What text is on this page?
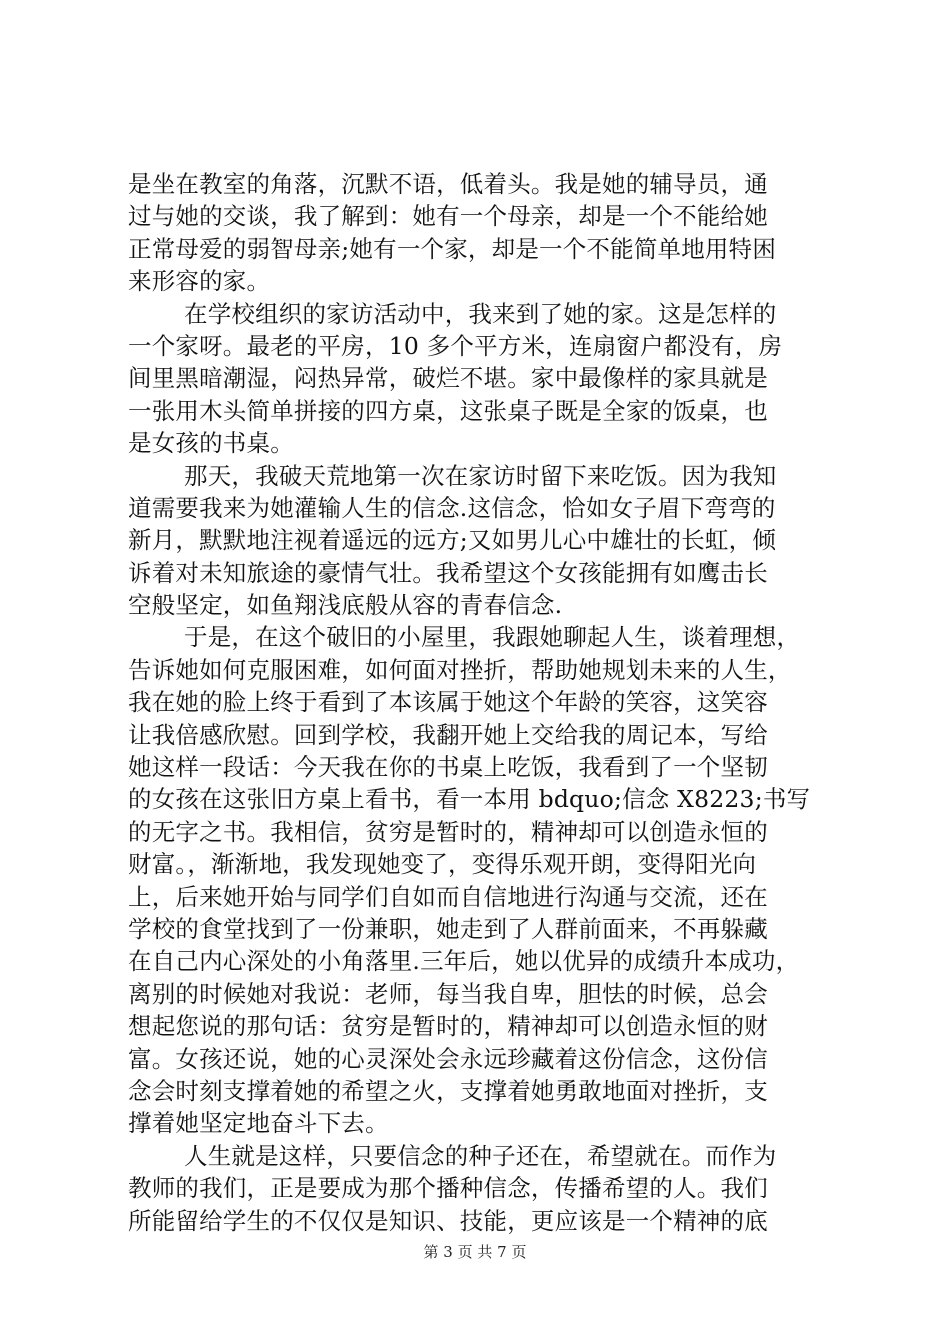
是坐在教室的角落，沉默不语，低着头。我是她的辅导员，通
过与她的交谈，我了解到：她有一个母亲，却是一个不能给她
正常母爱的弱智母亲;她有一个家，却是一个不能简单地用特困
来形容的家。
在学校组织的家访活动中，我来到了她的家。这是怎样的
一个家呀。最老的平房，10 多个平方米，连扇窗户都没有，房
间里黑暗潮湿，闷热异常，破烂不堪。家中最像样的家具就是
一张用木头简单拼接的四方桌，这张桌子既是全家的饭桌，也
是女孩的书桌。
那天，我破天荒地第一次在家访时留下来吃饭。因为我知
道需要我来为她灌输人生的信念.这信念，恰如女子眉下弯弯的
新月，默默地注视着遥远的远方;又如男儿心中雄壮的长虹，倾
诉着对未知旅途的豪情气壮。我希望这个女孩能拥有如鹰击长
空般坚定，如鱼翔浅底般从容的青春信念.
于是，在这个破旧的小屋里，我跟她聊起人生，谈着理想，
告诉她如何克服困难，如何面对挫折，帮助她规划未来的人生，
我在她的脸上终于看到了本该属于她这个年龄的笑容，这笑容
让我倍感欣慰。回到学校，我翻开她上交给我的周记本，写给
她这样一段话：今天我在你的书桌上吃饭，我看到了一个坚韧
的女孩在这张旧方桌上看书，看一本用 bdquo;信念 X8223;书写
的无字之书。我相信，贫穷是暂时的，精神却可以创造永恒的
财富。，渐渐地，我发现她变了，变得乐观开朗，变得阳光向
上，后来她开始与同学们自如而自信地进行沟通与交流，还在
学校的食堂找到了一份兼职，她走到了人群前面来，不再躲藏
在自己内心深处的小角落里.三年后，她以优异的成绩升本成功，
离别的时候她对我说：老师，每当我自卑，胆怯的时候，总会
想起您说的那句话：贫穷是暂时的，精神却可以创造永恒的财
富。女孩还说，她的心灵深处会永远珍藏着这份信念，这份信
念会时刻支撑着她的希望之火，支撑着她勇敢地面对挫折，支
撑着她坚定地奋斗下去。
人生就是这样，只要信念的种子还在，希望就在。而作为
教师的我们，正是要成为那个播种信念，传播希望的人。我们
所能留给学生的不仅仅是知识、技能，更应该是一个精神的底
第 3 页 共 7 页
